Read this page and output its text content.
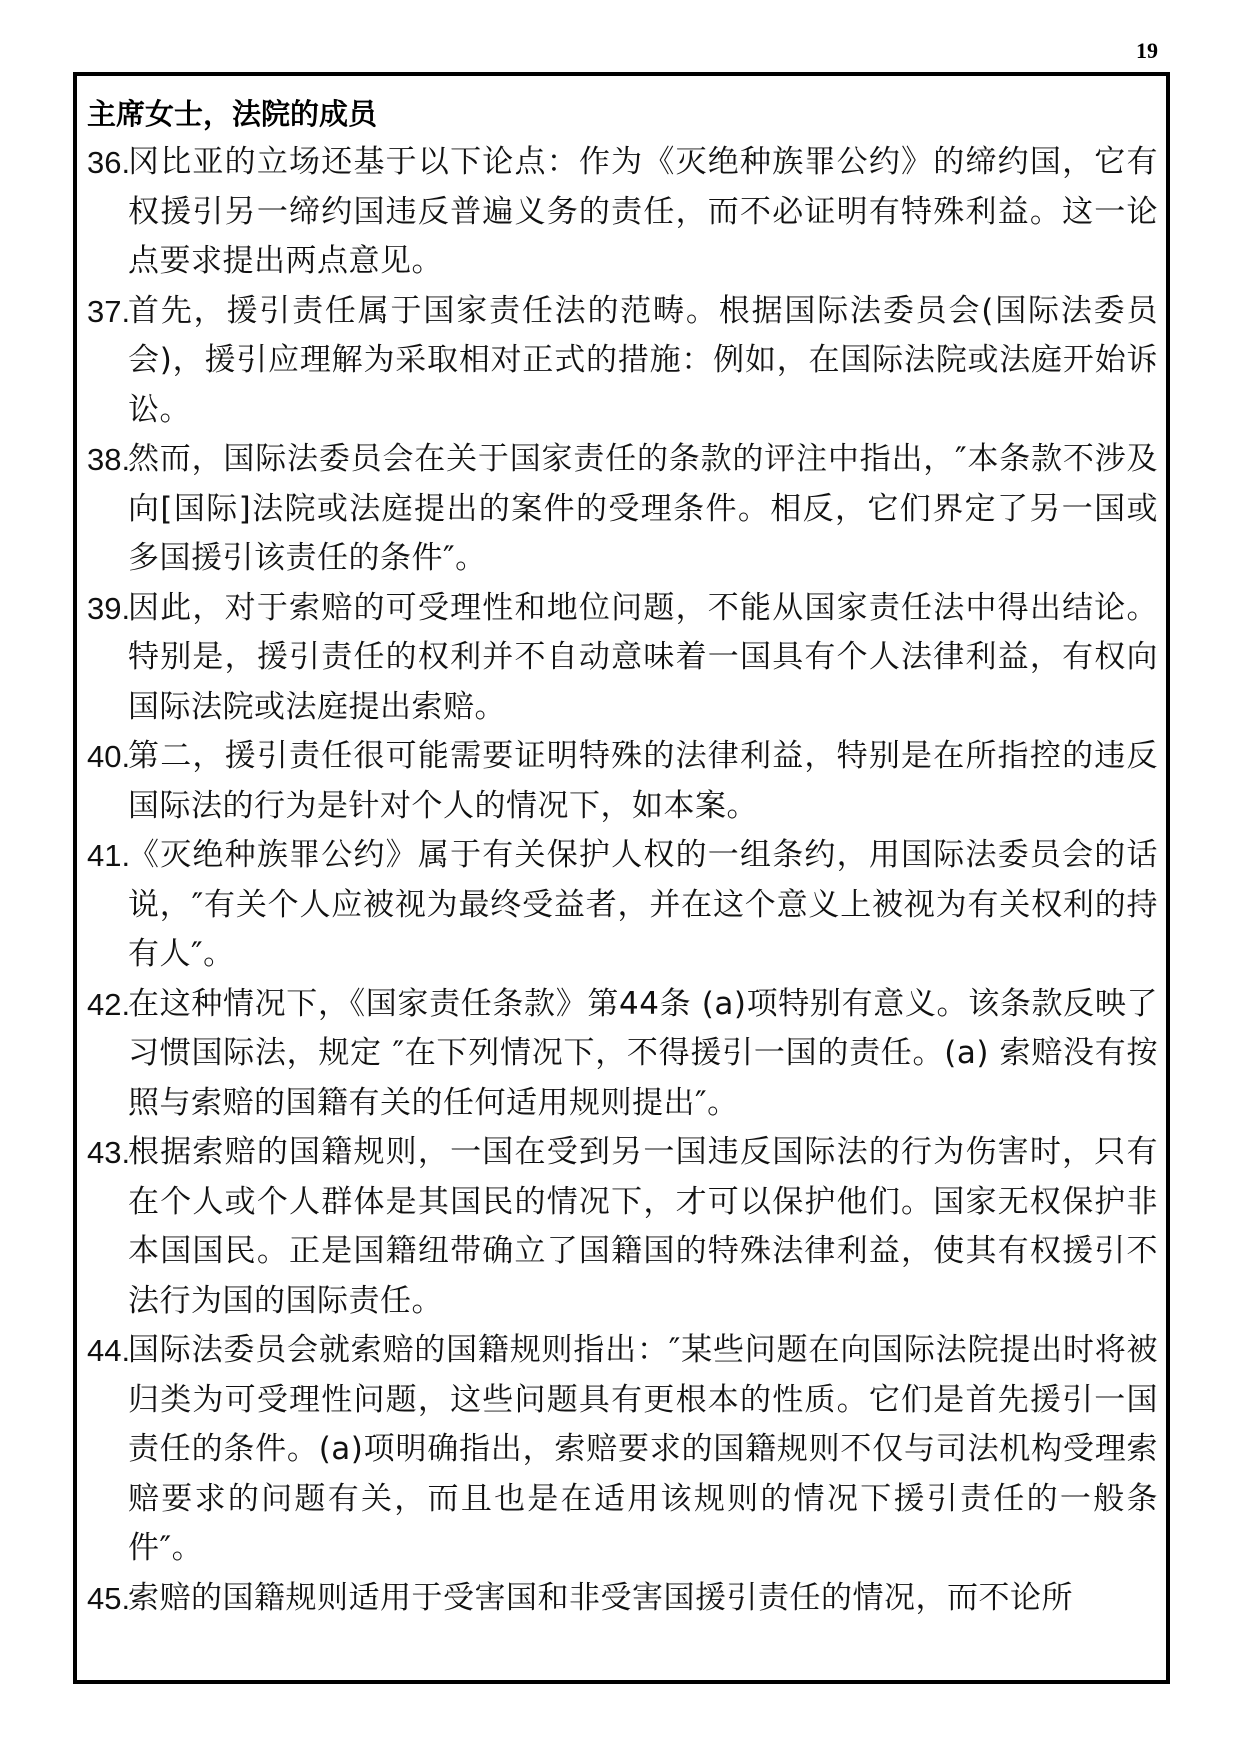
19
主席女士，法院的成员
36.
冈比亚的立场还基于以下论点：作为《灭绝种族罪公约》的缔约国，它有权援引另一缔约国违反普遍义务的责任，而不必证明有特殊利益。这一论点要求提出两点意见。
37.
首先，援引责任属于国家责任法的范畴。根据国际法委员会(国际法委员会)，援引应理解为采取相对正式的措施：例如，在国际法院或法庭开始诉讼。
38.
然而，国际法委员会在关于国家责任的条款的评注中指出，″本条款不涉及向[国际]法院或法庭提出的案件的受理条件。相反，它们界定了另一国或多国援引该责任的条件″。
39.
因此，对于索赔的可受理性和地位问题，不能从国家责任法中得出结论。特别是，援引责任的权利并不自动意味着一国具有个人法律利益，有权向国际法院或法庭提出索赔。
40.
第二，援引责任很可能需要证明特殊的法律利益，特别是在所指控的违反国际法的行为是针对个人的情况下，如本案。
41.
《灭绝种族罪公约》属于有关保护人权的一组条约，用国际法委员会的话说，″有关个人应被视为最终受益者，并在这个意义上被视为有关权利的持有人″。
42.
在这种情况下，《国家责任条款》第44条 (a)项特别有意义。该条款反映了习惯国际法，规定 ″在下列情况下，不得援引一国的责任。(a) 索赔没有按照与索赔的国籍有关的任何适用规则提出″。
43.
根据索赔的国籍规则，一国在受到另一国违反国际法的行为伤害时，只有在个人或个人群体是其国民的情况下，才可以保护他们。国家无权保护非本国国民。正是国籍纽带确立了国籍国的特殊法律利益，使其有权援引不法行为国的国际责任。
44.
国际法委员会就索赔的国籍规则指出：″某些问题在向国际法院提出时将被归类为可受理性问题，这些问题具有更根本的性质。它们是首先援引一国责任的条件。(a)项明确指出，索赔要求的国籍规则不仅与司法机构受理索赔要求的问题有关，而且也是在适用该规则的情况下援引责任的一般条件″。
45.
索赔的国籍规则适用于受害国和非受害国援引责任的情况，而不论所
